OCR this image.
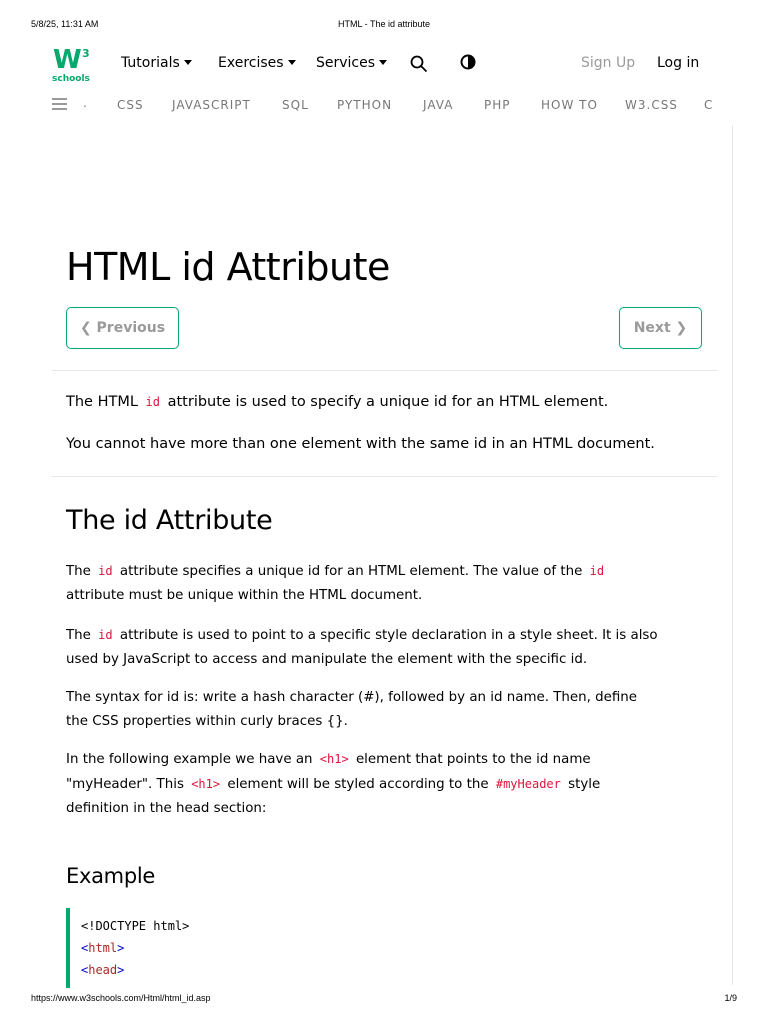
5/8/25, 11:31 AM	HTML - The id attribute
W 3
schools
Tutorials	Exercises	Services	Sign Up Log in
.	CSS JAVASCRIPT	SQL PYTHON	JAVA	PHP	HOW TO W3.CSS C
HTML id Attribute
❮ Previous	Next ❯

The HTML id attribute is used to specify a unique id for an HTML element.

You cannot have more than one element with the same id in an HTML document.

The id Attribute
The id attribute specifies a unique id for an HTML element. The value of the id
attribute must be unique within the HTML document.
The id attribute is used to point to a specific style declaration in a style sheet. It is also
used by JavaScript to access and manipulate the element with the specific id.
The syntax for id is: write a hash character (#), followed by an id name. Then, define
the CSS properties within curly braces {}.
In the following example we have an <h1> element that points to the id name
"myHeader". This <h1> element will be styled according to the #myHeader style
definition in the head section:
Example
<!DOCTYPE html>
<html>
<head>
https://www.w3schools.com/Html/html_id.asp	1/9
